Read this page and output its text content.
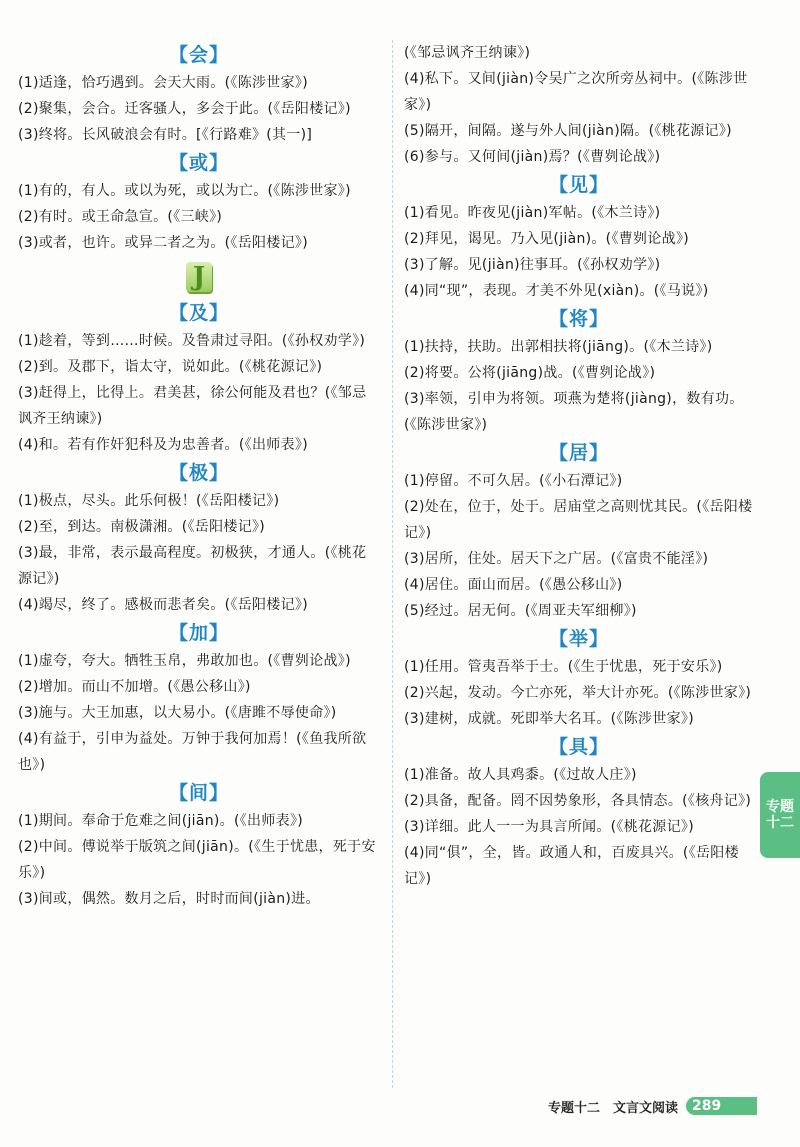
【会】

(1)适逢，恰巧遇到。会天大雨。(《陈涉世家》)

(2)聚集，会合。迁客骚人，多会于此。(《岳阳楼记》)

(3)终将。长风破浪会有时。[《行路难》(其一)]

【或】

(1)有的，有人。或以为死，或以为亡。(《陈涉世家》)

(2)有时。或王命急宣。(《三峡》)

(3)或者，也许。或异二者之为。(《岳阳楼记》)

J
【及】

(1)趁着，等到……时候。及鲁肃过寻阳。(《孙权劝学》)

(2)到。及郡下，诣太守，说如此。(《桃花源记》)

(3)赶得上，比得上。君美甚，徐公何能及君也？(《邹忌讽齐王纳谏》)

(4)和。若有作奸犯科及为忠善者。(《出师表》)

【极】

(1)极点，尽头。此乐何极！(《岳阳楼记》)

(2)至，到达。南极潇湘。(《岳阳楼记》)

(3)最，非常，表示最高程度。初极狭，才通人。(《桃花源记》)

(4)竭尽，终了。感极而悲者矣。(《岳阳楼记》)

【加】

(1)虚夸，夸大。牺牲玉帛，弗敢加也。(《曹刿论战》)

(2)增加。而山不加增。(《愚公移山》)

(3)施与。大王加惠，以大易小。(《唐雎不辱使命》)

(4)有益于，引申为益处。万钟于我何加焉！(《鱼我所欲也》)

【间】

(1)期间。奉命于危难之间(jiān)。(《出师表》)

(2)中间。傅说举于版筑之间(jiān)。(《生于忧患，死于安乐》)

(3)间或，偶然。数月之后，时时而间(jiàn)进。

(《邹忌讽齐王纳谏》)

(4)私下。又间(jiàn)令吴广之次所旁丛祠中。(《陈涉世家》)

(5)隔开，间隔。遂与外人间(jiàn)隔。(《桃花源记》)

(6)参与。又何间(jiàn)焉？(《曹刿论战》)

【见】

(1)看见。昨夜见(jiàn)军帖。(《木兰诗》)

(2)拜见，谒见。乃入见(jiàn)。(《曹刿论战》)

(3)了解。见(jiàn)往事耳。(《孙权劝学》)

(4)同“现”，表现。才美不外见(xiàn)。(《马说》)

【将】

(1)扶持，扶助。出郭相扶将(jiāng)。(《木兰诗》)

(2)将要。公将(jiāng)战。(《曹刿论战》)

(3)率领，引申为将领。项燕为楚将(jiàng)，数有功。(《陈涉世家》)

【居】

(1)停留。不可久居。(《小石潭记》)

(2)处在，位于，处于。居庙堂之高则忧其民。(《岳阳楼记》)

(3)居所，住处。居天下之广居。(《富贵不能淫》)

(4)居住。面山而居。(《愚公移山》)

(5)经过。居无何。(《周亚夫军细柳》)

【举】

(1)任用。管夷吾举于士。(《生于忧患，死于安乐》)

(2)兴起，发动。今亡亦死，举大计亦死。(《陈涉世家》)

(3)建树，成就。死即举大名耳。(《陈涉世家》)

【具】

(1)准备。故人具鸡黍。(《过故人庄》)

(2)具备，配备。罔不因势象形，各具情态。(《核舟记》)

(3)详细。此人一一为具言所闻。(《桃花源记》)

(4)同“俱”，全，皆。政通人和，百废具兴。(《岳阳楼记》)

专题
十二
专题十二　文言文阅读	289
